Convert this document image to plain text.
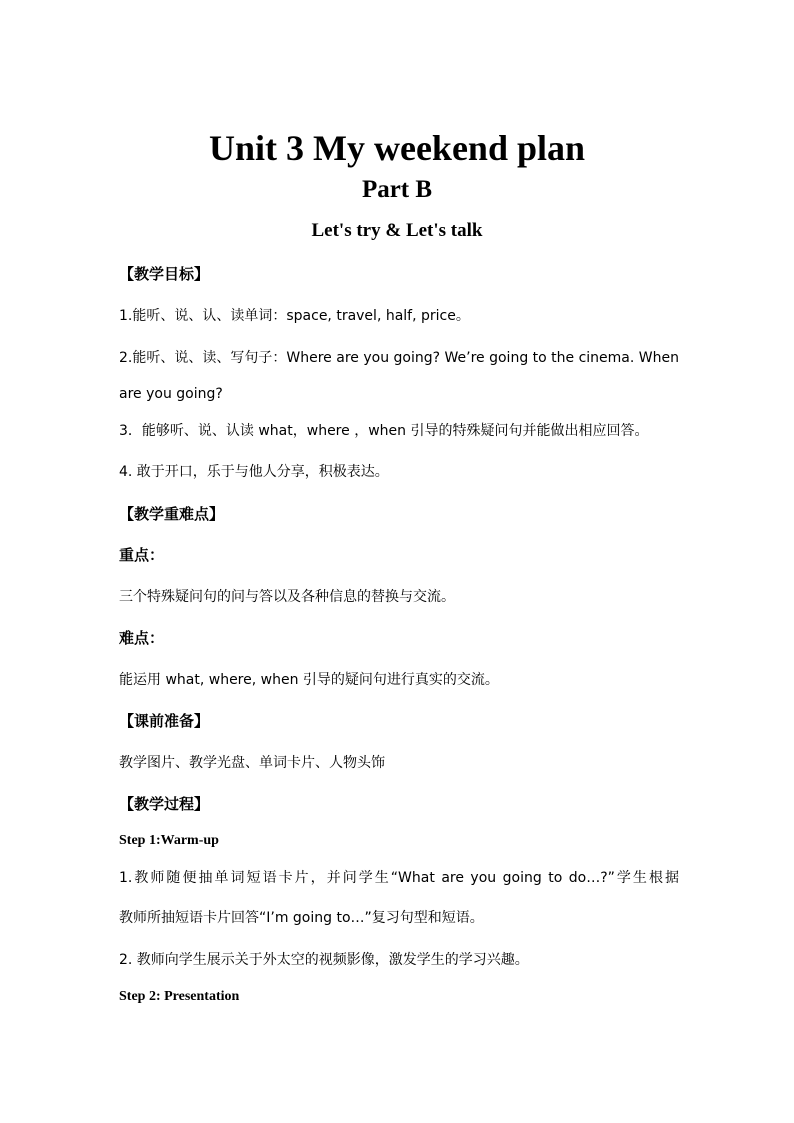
Unit 3 My weekend plan
Part B
Let's try & Let's talk
【教学目标】
1.能听、说、认、读单词：space, travel, half, price。
2.能听、说、读、写句子：Where are you going? We’re going to the cinema. When
are you going?
3．能够听、说、认读 what，where ，when 引导的特殊疑问句并能做出相应回答。
4. 敢于开口，乐于与他人分享，积极表达。
【教学重难点】
重点：
三个特殊疑问句的问与答以及各种信息的替换与交流。
难点：
能运用 what, where, when 引导的疑问句进行真实的交流。
【课前准备】
教学图片、教学光盘、单词卡片、人物头饰
【教学过程】
Step 1:Warm-up
1.教师随便抽单词短语卡片，并问学生“What are you going to do…?”学生根据
教师所抽短语卡片回答“I’m going to…”复习句型和短语。
2. 教师向学生展示关于外太空的视频影像，激发学生的学习兴趣。
Step 2: Presentation
